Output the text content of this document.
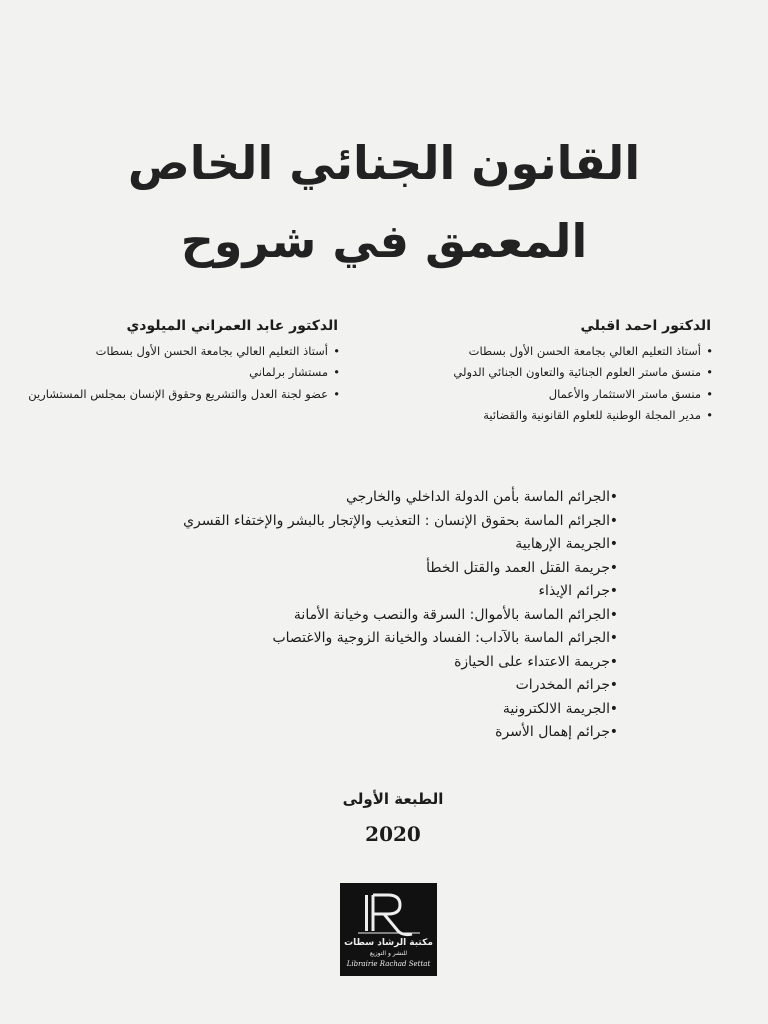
القانون الجنائي الخاص
المعمق في شروح
الدكتور احمد اقبلي
• أستاذ التعليم العالي بجامعة الحسن الأول بسطات
• منسق ماستر العلوم الجنائية والتعاون الجنائي الدولي
• منسق ماستر الاستثمار والأعمال
• مدير المجلة الوطنية للعلوم القانونية والقضائية
الدكتور عابد العمراني الميلودي
• أستاذ التعليم العالي بجامعة الحسن الأول بسطات
• مستشار برلماني
• عضو لجنة العدل والتشريع وحقوق الإنسان بمجلس المستشارين
• الجرائم الماسة بأمن الدولة الداخلي والخارجي
• الجرائم الماسة بحقوق الإنسان : التعذيب والإتجار بالبشر والإختفاء القسري
• الجريمة الإرهابية
• جريمة القتل العمد والقتل الخطأ
• جرائم الإيذاء
• الجرائم الماسة بالأموال: السرقة والنصب وخيانة الأمانة
• الجرائم الماسة بالآداب: الفساد والخيانة الزوجية والاغتصاب
• جريمة الاعتداء على الحيازة
• جرائم المخدرات
• الجريمة الالكترونية
• جرائم إهمال الأسرة
الطبعة الأولى
2020
مكتبة الرشاد سطات
للنشر و التوزيع
Librairie Rachad Settat
